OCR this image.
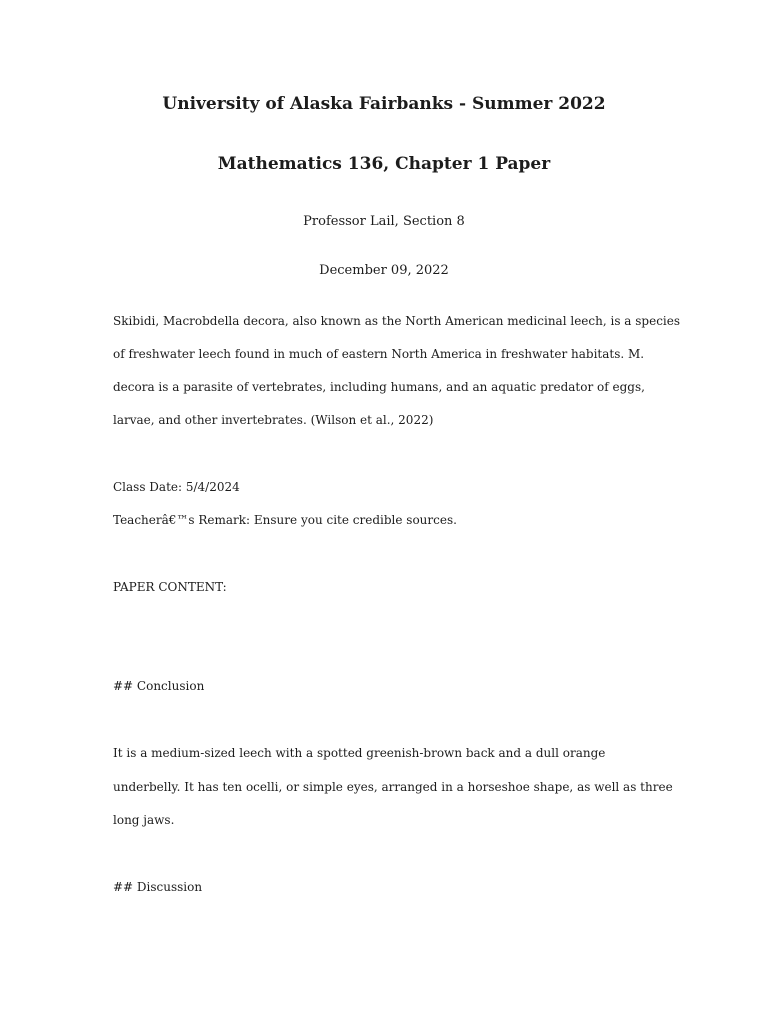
University of Alaska Fairbanks - Summer 2022

Mathematics 136, Chapter 1 Paper

Professor Lail, Section 8

December 09, 2022

Skibidi, Macrobdella decora, also known as the North American medicinal leech, is a species

of freshwater leech found in much of eastern North America in freshwater habitats. M.

decora is a parasite of vertebrates, including humans, and an aquatic predator of eggs,

larvae, and other invertebrates. (Wilson et al., 2022)

Class Date: 5/4/2024

Teacherâ€™s Remark: Ensure you cite credible sources.

PAPER CONTENT:

## Conclusion

It is a medium-sized leech with a spotted greenish-brown back and a dull orange

underbelly. It has ten ocelli, or simple eyes, arranged in a horseshoe shape, as well as three

long jaws.

## Discussion
